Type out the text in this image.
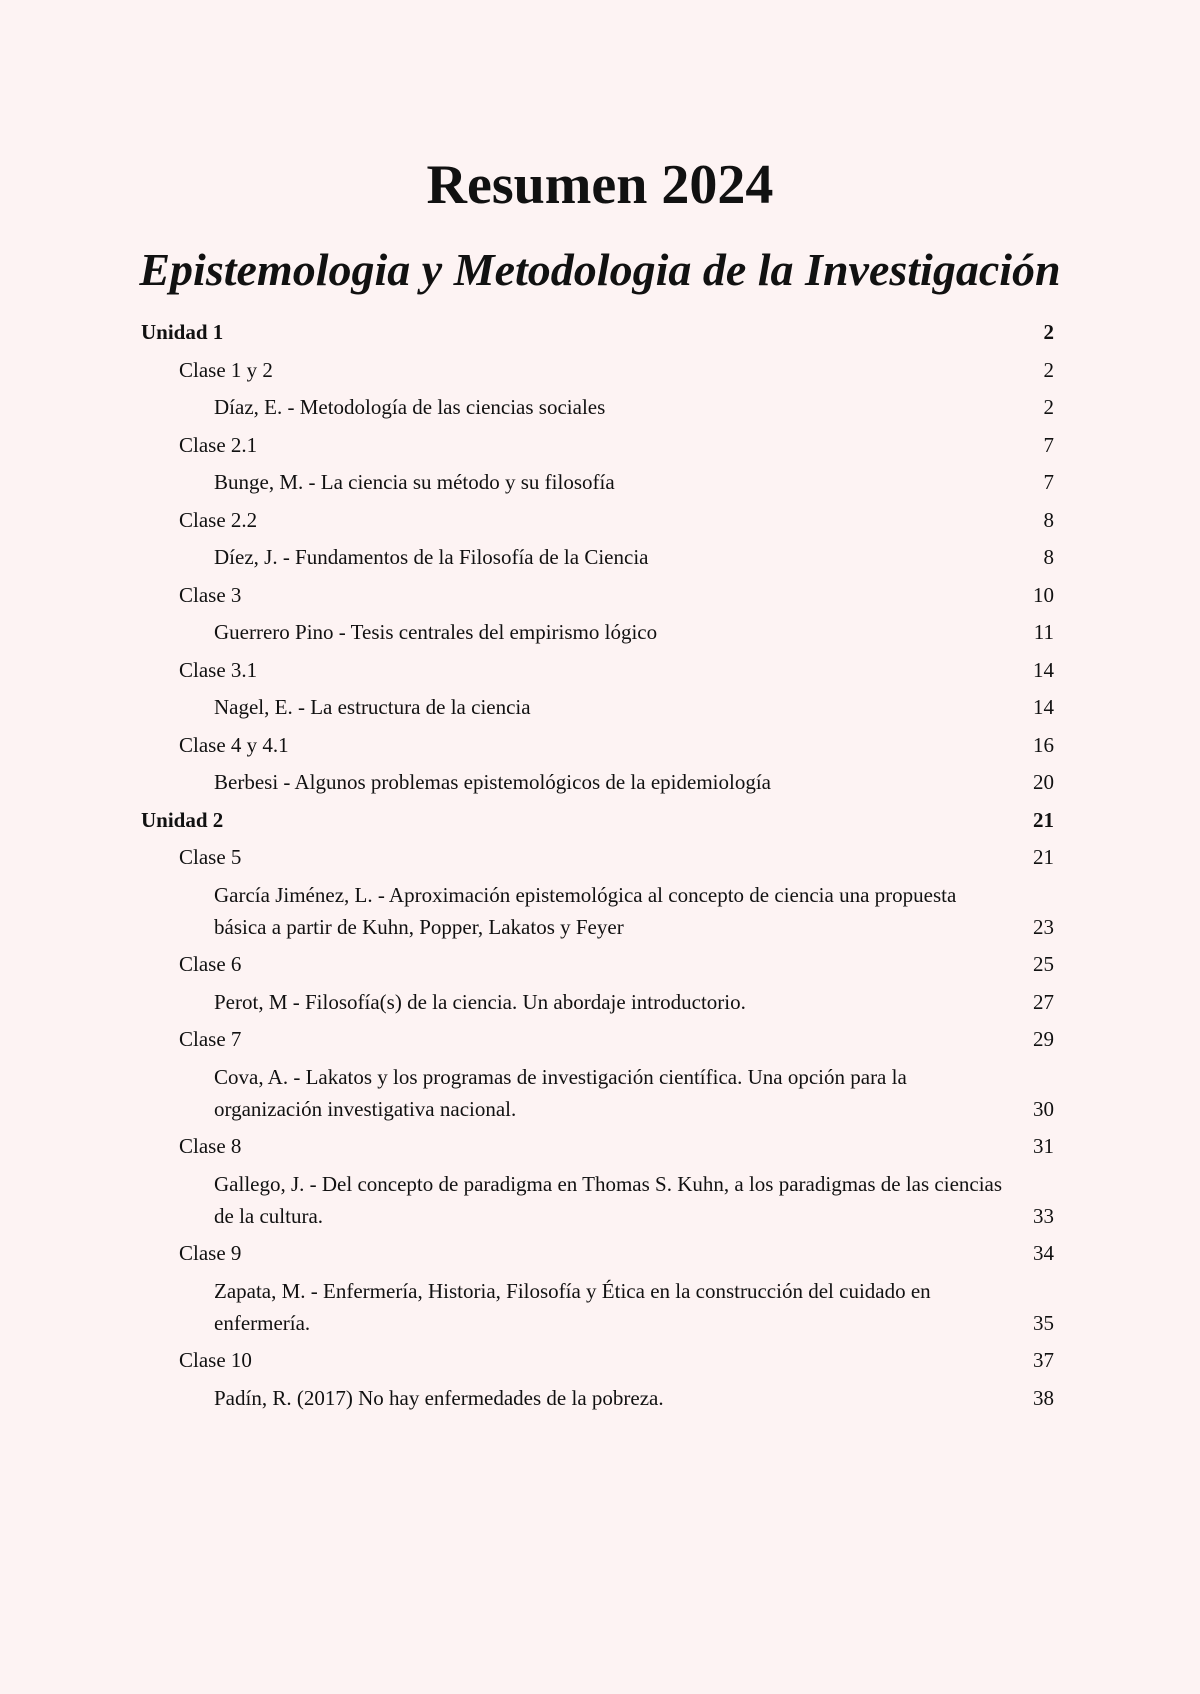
Resumen 2024
Epistemologia y Metodologia de la Investigación
Unidad 1	2
Clase 1 y 2	2
Díaz, E. - Metodología de las ciencias sociales	2
Clase 2.1	7
Bunge, M. - La ciencia su método y su filosofía	7
Clase 2.2	8
Díez, J. - Fundamentos de la Filosofía de la Ciencia	8
Clase 3	10
Guerrero Pino - Tesis centrales del empirismo lógico	11
Clase 3.1	14
Nagel, E. - La estructura de la ciencia	14
Clase 4 y 4.1	16
Berbesi - Algunos problemas epistemológicos de la epidemiología	20
Unidad 2	21
Clase 5	21
García Jiménez, L. - Aproximación epistemológica al concepto de ciencia una propuesta básica a partir de Kuhn, Popper, Lakatos y Feyer	23
Clase 6	25
Perot, M - Filosofía(s) de la ciencia. Un abordaje introductorio.	27
Clase 7	29
Cova, A. - Lakatos y los programas de investigación científica. Una opción para la organización investigativa nacional.	30
Clase 8	31
Gallego, J. - Del concepto de paradigma en Thomas S. Kuhn, a los paradigmas de las ciencias de la cultura.	33
Clase 9	34
Zapata, M. - Enfermería, Historia, Filosofía y Ética en la construcción del cuidado en enfermería.	35
Clase 10	37
Padín, R. (2017) No hay enfermedades de la pobreza.	38
